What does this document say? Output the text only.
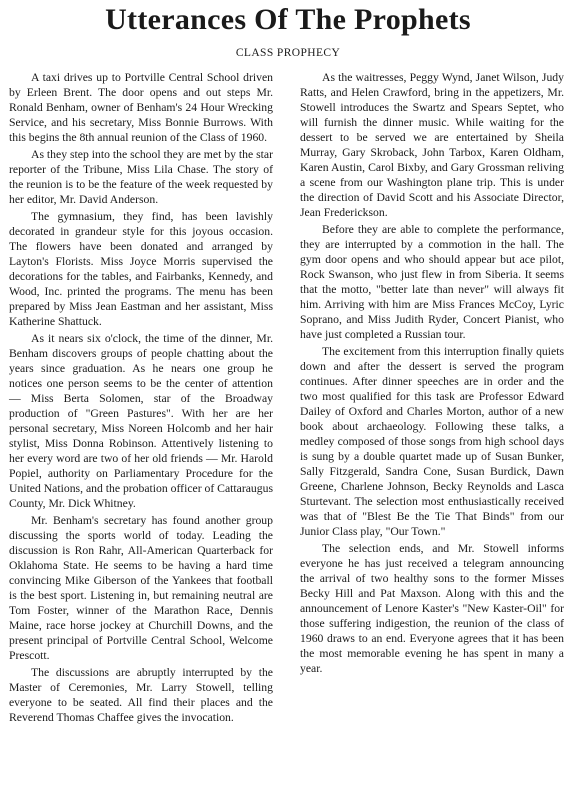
Utterances Of The Prophets
CLASS PROPHECY

A taxi drives up to Portville Central School driven by Erleen Brent. The door opens and out steps Mr. Ronald Benham, owner of Benham's 24 Hour Wrecking Service, and his secretary, Miss Bonnie Burrows. With this begins the 8th annual reunion of the Class of 1960.

As they step into the school they are met by the star reporter of the Tribune, Miss Lila Chase. The story of the reunion is to be the feature of the week requested by her editor, Mr. David Anderson.

The gymnasium, they find, has been lavishly decorated in grandeur style for this joyous occasion. The flowers have been donated and arranged by Layton's Florists. Miss Joyce Morris supervised the decorations for the tables, and Fairbanks, Kennedy, and Wood, Inc. printed the programs. The menu has been prepared by Miss Jean Eastman and her assistant, Miss Katherine Shattuck.

As it nears six o'clock, the time of the dinner, Mr. Benham discovers groups of people chatting about the years since graduation. As he nears one group he notices one person seems to be the center of attention — Miss Berta Solomen, star of the Broadway production of "Green Pastures". With her are her personal secretary, Miss Noreen Holcomb and her hair stylist, Miss Donna Robinson. Attentively listening to her every word are two of her old friends — Mr. Harold Popiel, authority on Parliamentary Procedure for the United Nations, and the probation officer of Cattaraugus County, Mr. Dick Whitney.

Mr. Benham's secretary has found another group discussing the sports world of today. Leading the discussion is Ron Rahr, All-American Quarterback for Oklahoma State. He seems to be having a hard time convincing Mike Giberson of the Yankees that football is the best sport. Listening in, but remaining neutral are Tom Foster, winner of the Marathon Race, Dennis Maine, race horse jockey at Churchill Downs, and the present principal of Portville Central School, Welcome Prescott.

The discussions are abruptly interrupted by the Master of Ceremonies, Mr. Larry Stowell, telling everyone to be seated. All find their places and the Reverend Thomas Chaffee gives the invocation.

As the waitresses, Peggy Wynd, Janet Wilson, Judy Ratts, and Helen Crawford, bring in the appetizers, Mr. Stowell introduces the Swartz and Spears Septet, who will furnish the dinner music. While waiting for the dessert to be served we are entertained by Sheila Murray, Gary Skroback, John Tarbox, Karen Oldham, Karen Austin, Carol Bixby, and Gary Grossman reliving a scene from our Washington plane trip. This is under the direction of David Scott and his Associate Director, Jean Frederickson.

Before they are able to complete the performance, they are interrupted by a commotion in the hall. The gym door opens and who should appear but ace pilot, Rock Swanson, who just flew in from Siberia. It seems that the motto, "better late than never" will always fit him. Arriving with him are Miss Frances McCoy, Lyric Soprano, and Miss Judith Ryder, Concert Pianist, who have just completed a Russian tour.

The excitement from this interruption finally quiets down and after the dessert is served the program continues. After dinner speeches are in order and the two most qualified for this task are Professor Edward Dailey of Oxford and Charles Morton, author of a new book about archaeology. Following these talks, a medley composed of those songs from high school days is sung by a double quartet made up of Susan Bunker, Sally Fitzgerald, Sandra Cone, Susan Burdick, Dawn Greene, Charlene Johnson, Becky Reynolds and Lasca Sturtevant. The selection most enthusiastically received was that of "Blest Be the Tie That Binds" from our Junior Class play, "Our Town."

The selection ends, and Mr. Stowell informs everyone he has just received a telegram announcing the arrival of two healthy sons to the former Misses Becky Hill and Pat Maxson. Along with this and the announcement of Lenore Kaster's "New Kaster-Oil" for those suffering indigestion, the reunion of the class of 1960 draws to an end. Everyone agrees that it has been the most memorable evening he has spent in many a year.
